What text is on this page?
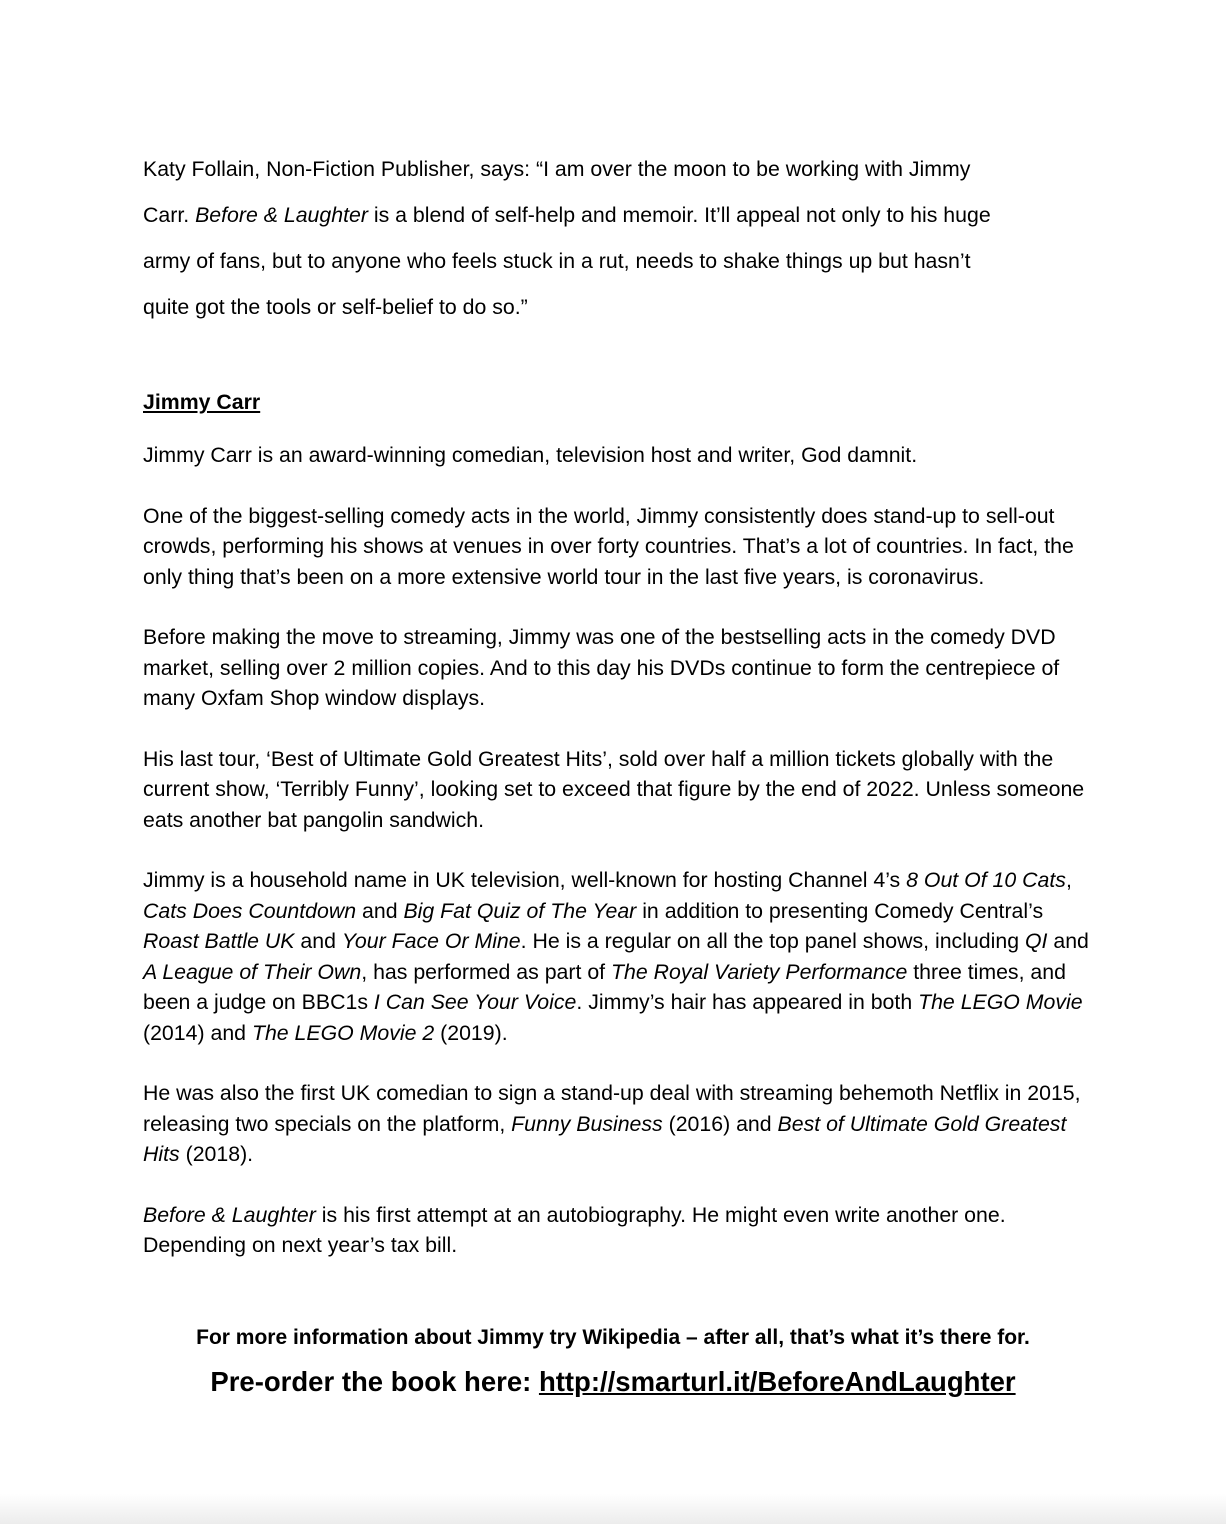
Katy Follain, Non-Fiction Publisher, says: “I am over the moon to be working with Jimmy
Carr. Before & Laughter is a blend of self-help and memoir. It’ll appeal not only to his huge
army of fans, but to anyone who feels stuck in a rut, needs to shake things up but hasn’t
quite got the tools or self-belief to do so.”

Jimmy Carr

Jimmy Carr is an award-winning comedian, television host and writer, God damnit.

One of the biggest-selling comedy acts in the world, Jimmy consistently does stand-up to sell-out crowds, performing his shows at venues in over forty countries. That’s a lot of countries. In fact, the only thing that’s been on a more extensive world tour in the last five years, is coronavirus.

Before making the move to streaming, Jimmy was one of the bestselling acts in the comedy DVD market, selling over 2 million copies. And to this day his DVDs continue to form the centrepiece of many Oxfam Shop window displays.

His last tour, ‘Best of Ultimate Gold Greatest Hits’, sold over half a million tickets globally with the current show, ‘Terribly Funny’, looking set to exceed that figure by the end of 2022. Unless someone eats another bat pangolin sandwich.

Jimmy is a household name in UK television, well-known for hosting Channel 4’s 8 Out Of 10 Cats, Cats Does Countdown and Big Fat Quiz of The Year in addition to presenting Comedy Central’s Roast Battle UK and Your Face Or Mine. He is a regular on all the top panel shows, including QI and A League of Their Own, has performed as part of The Royal Variety Performance three times, and been a judge on BBC1s I Can See Your Voice. Jimmy’s hair has appeared in both The LEGO Movie (2014) and The LEGO Movie 2 (2019).

He was also the first UK comedian to sign a stand-up deal with streaming behemoth Netflix in 2015, releasing two specials on the platform, Funny Business (2016) and Best of Ultimate Gold Greatest Hits (2018).

Before & Laughter is his first attempt at an autobiography. He might even write another one. Depending on next year’s tax bill.

For more information about Jimmy try Wikipedia – after all, that’s what it’s there for.
Pre-order the book here: http://smarturl.it/BeforeAndLaughter
